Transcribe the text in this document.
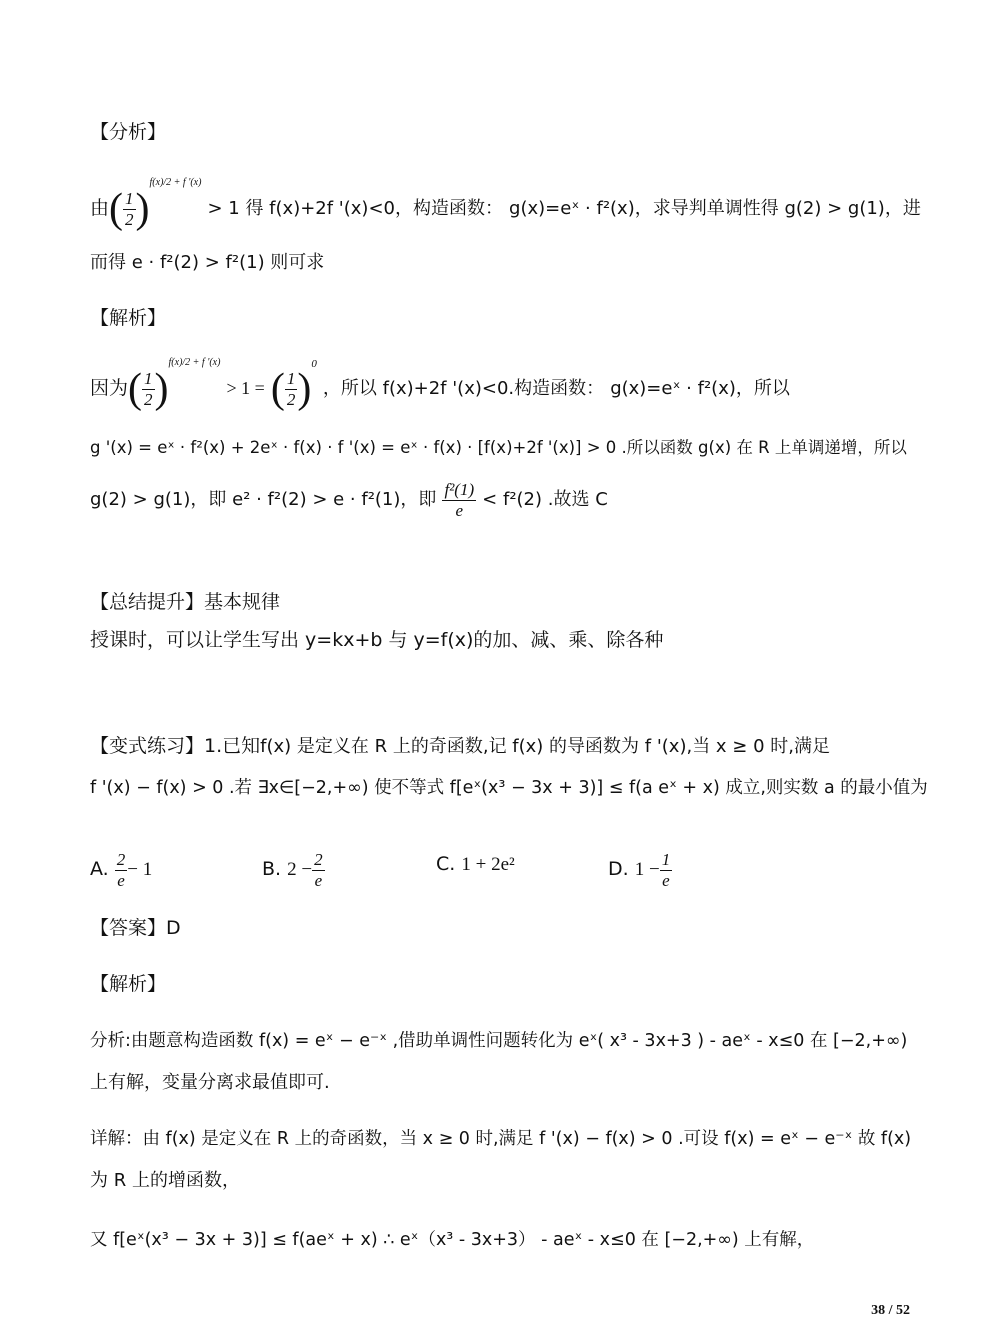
【分析】
由( $\frac{1}{2} )^{f(x)/2 + f '(x)} > 1$ 得 f(x)+2f '(x)<0，构造函数： g(x)=eˣ · f²(x)，求导判单调性得 g(2) > g(1)，进
而得 e · f²(2) > f²(1) 则可求
【解析】
因为( $\frac{1}{2} )^{f(x)/2 + f '(x)} > 1$ = ( $\frac{1}{2} )^0$ ，所以 f(x)+2f '(x)<0.构造函数： g(x)=eˣ · f²(x)，所以
g '(x) = eˣ · f²(x) + 2eˣ · f(x) · f '(x) = eˣ · f(x) · [f(x)+2f '(x)] > 0 .所以函数 g(x) 在 R 上单调递增，所以
g(2) > g(1)，即 e² · f²(2) > e · f²(1)，即 $\frac{\text{f²(1)}}{e} < f^2(2)$ .故选 C
【总结提升】基本规律
授课时，可以让学生写出 y=kx+b 与 y=f(x)的加、减、乘、除各种
【变式练习】1.已知f(x) 是定义在 R 上的奇函数,记 f(x) 的导函数为 f '(x),当 x ≥ 0 时,满足
f '(x) − f(x) > 0 .若 ∃x∈[−2,+∞) 使不等式 f[eˣ(x³ − 3x + 3)] ≤ f(a eˣ + x) 成立,则实数 a 的最小值为
A. $\frac{2}{e} - 1$	B. $2 - \frac{2}{e}$	C. 1 + 2e²	D. $1 - \frac{1}{e}$
【答案】D
【解析】
分析:由题意构造函数 f(x) = eˣ − e⁻ˣ ,借助单调性问题转化为 eˣ( x³ - 3x+3 ) - aeˣ - x≤0 在 [−2,+∞)
上有解，变量分离求最值即可.
详解：由 f(x) 是定义在 R 上的奇函数，当 x ≥ 0 时,满足 f '(x) − f(x) > 0 .可设 f(x) = eˣ − e⁻ˣ 故 f(x)
为 R 上的增函数，
又 f[eˣ(x³ − 3x + 3)] ≤ f(aeˣ + x) ∴ eˣ（x³ - 3x+3） - aeˣ - x≤0 在 [−2,+∞) 上有解，
38 / 52
